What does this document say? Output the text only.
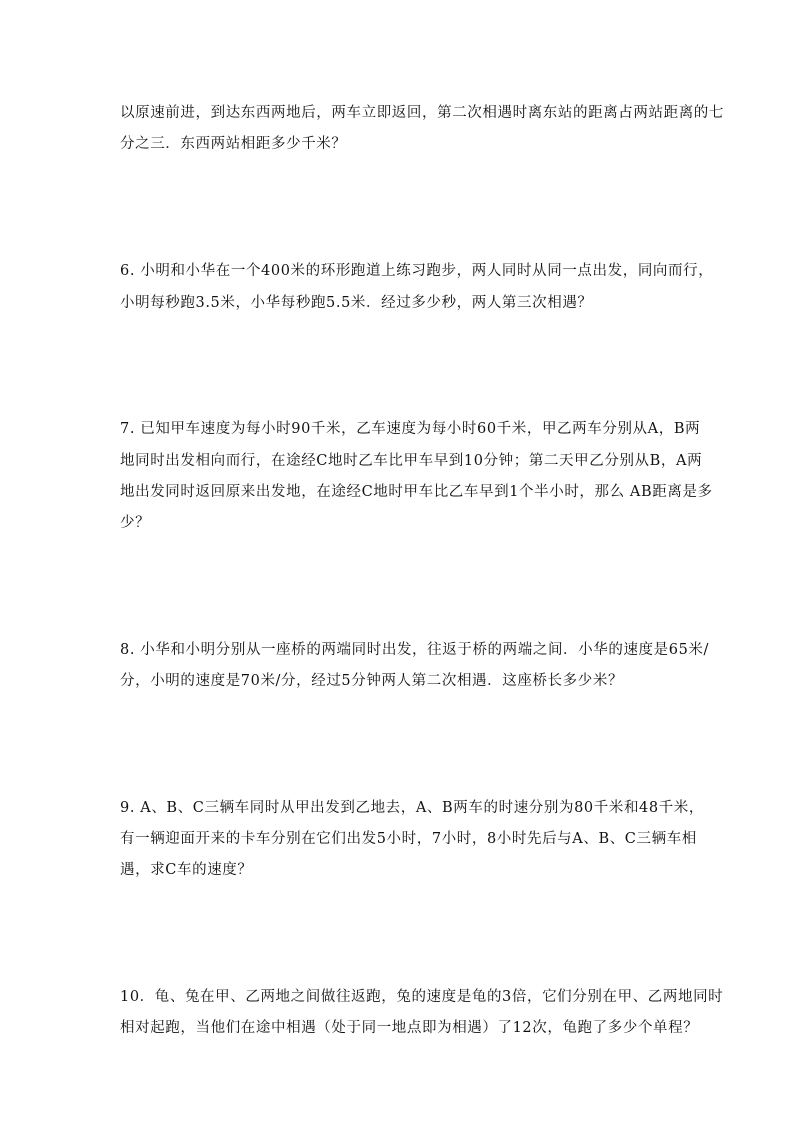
以原速前进，到达东西两地后，两车立即返回，第二次相遇时离东站的距离占两站距离的七
分之三．东西两站相距多少千米？
6. 小明和小华在一个400米的环形跑道上练习跑步，两人同时从同一点出发，同向而行，
小明每秒跑3.5米，小华每秒跑5.5米．经过多少秒，两人第三次相遇？
7. 已知甲车速度为每小时90千米，乙车速度为每小时60千米，甲乙两车分别从A，B两
地同时出发相向而行，在途经C地时乙车比甲车早到10分钟；第二天甲乙分别从B，A两
地出发同时返回原来出发地，在途经C地时甲车比乙车早到1个半小时，那么 AB距离是多
少？
8. 小华和小明分别从一座桥的两端同时出发，往返于桥的两端之间．小华的速度是65米/
分，小明的速度是70米/分，经过5分钟两人第二次相遇．这座桥长多少米？
9. A、B、C三辆车同时从甲出发到乙地去，A、B两车的时速分别为80千米和48千米，
有一辆迎面开来的卡车分别在它们出发5小时，7小时，8小时先后与A、B、C三辆车相
遇，求C车的速度？
10．龟、兔在甲、乙两地之间做往返跑，兔的速度是龟的3倍，它们分别在甲、乙两地同时
相对起跑，当他们在途中相遇（处于同一地点即为相遇）了12次，龟跑了多少个单程？
